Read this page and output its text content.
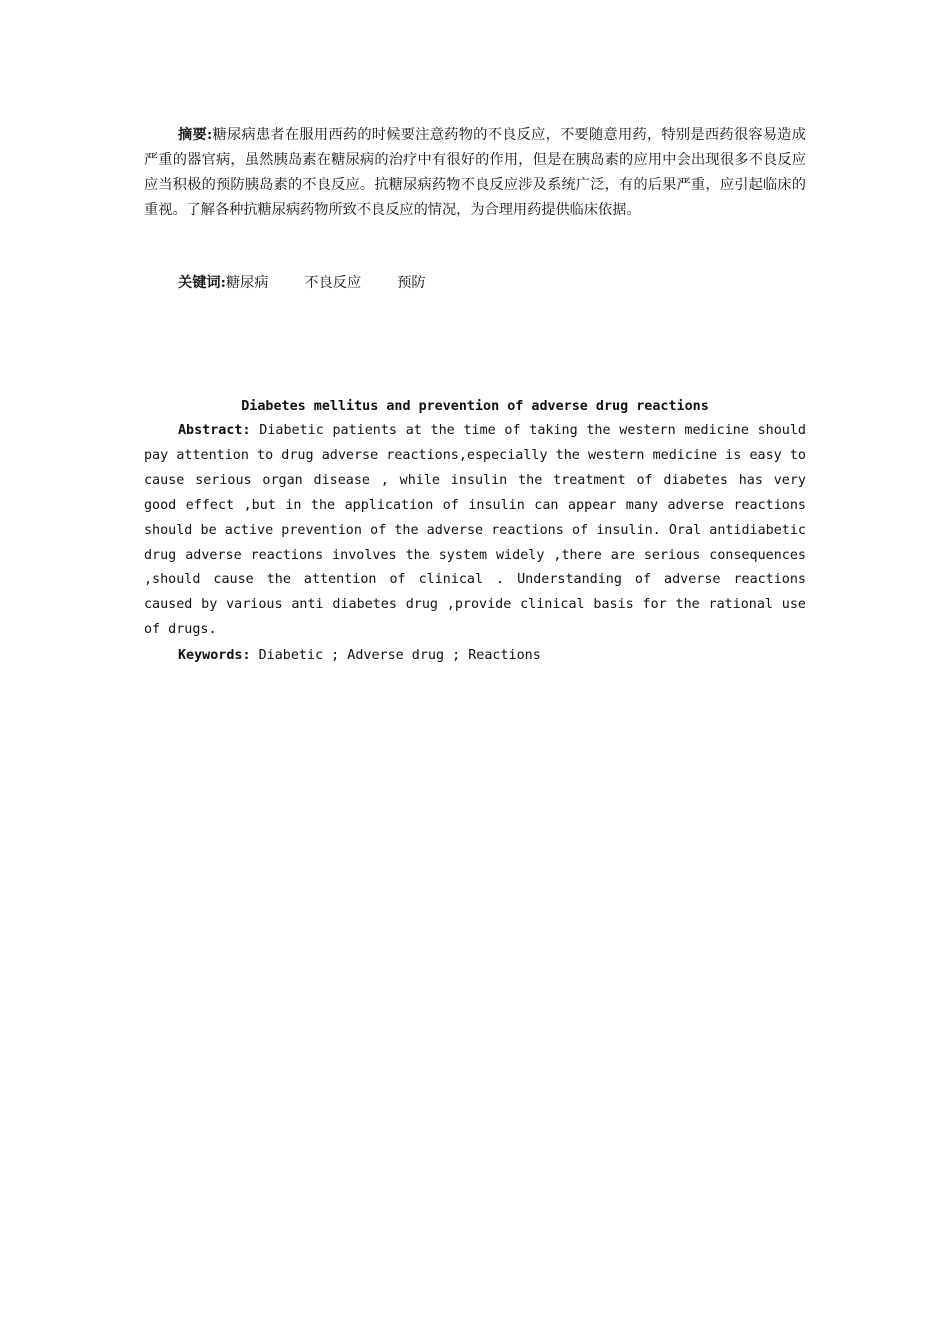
摘要:糖尿病患者在服用西药的时候要注意药物的不良反应，不要随意用药，特别是西药很容易造成严重的器官病，虽然胰岛素在糖尿病的治疗中有很好的作用，但是在胰岛素的应用中会出现很多不良反应应当积极的预防胰岛素的不良反应。抗糖尿病药物不良反应涉及系统广泛，有的后果严重，应引起临床的重视。了解各种抗糖尿病药物所致不良反应的情况，为合理用药提供临床依据。

关键词:糖尿病	不良反应	预防

Diabetes mellitus and prevention of adverse drug reactions

Abstract: Diabetic patients at the time of taking the western medicine should pay attention to drug adverse reactions,especially the western medicine is easy to cause serious organ disease , while insulin the treatment of diabetes has very good effect ,but in the application of insulin can appear many adverse reactions should be active prevention of the adverse reactions of insulin. Oral antidiabetic drug adverse reactions involves the system widely ,there are serious consequences ,should cause the attention of clinical . Understanding of adverse reactions caused by various anti diabetes drug ,provide clinical basis for the rational use of drugs.

Keywords: Diabetic ; Adverse drug ; Reactions
